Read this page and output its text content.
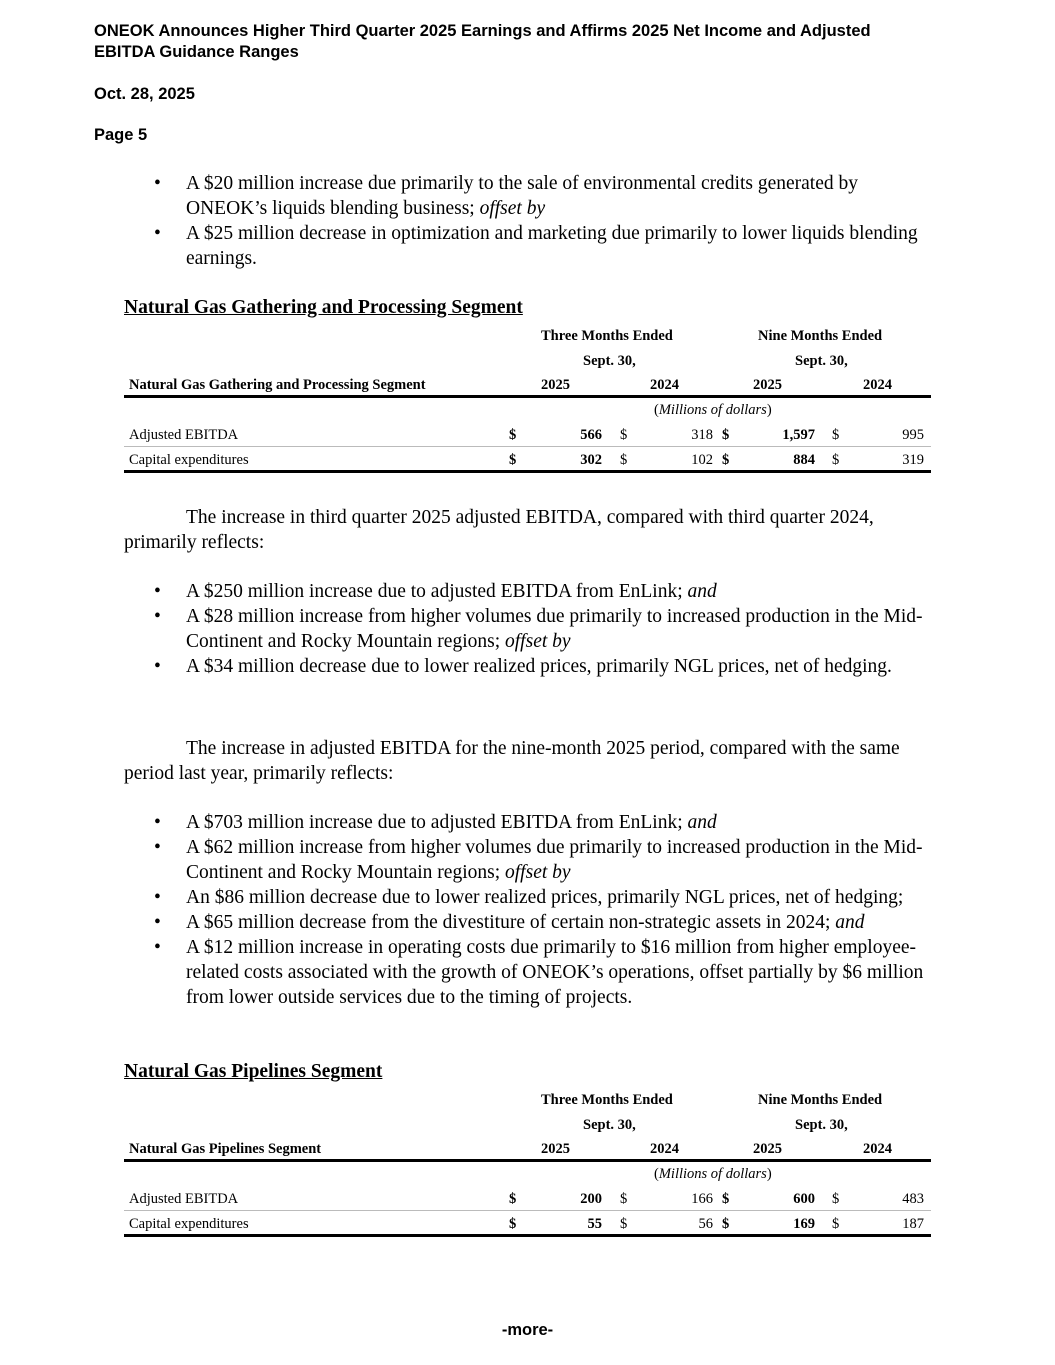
ONEOK Announces Higher Third Quarter 2025 Earnings and Affirms 2025 Net Income and Adjusted
EBITDA Guidance Ranges
Oct. 28, 2025
Page 5
• A $20 million increase due primarily to the sale of environmental credits generated by ONEOK’s liquids blending business; offset by
• A $25 million decrease in optimization and marketing due primarily to lower liquids blending earnings.
Natural Gas Gathering and Processing Segment
Three Months Ended	Nine Months Ended
Sept. 30,	Sept. 30,
Natural Gas Gathering and Processing Segment	2025	2024	2025	2024
(Millions of dollars)
Adjusted EBITDA	$	566 $	318 $	1,597 $	995
Capital expenditures	$	302 $	102 $	884 $	319
The increase in third quarter 2025 adjusted EBITDA, compared with third quarter 2024, primarily reflects:
• A $250 million increase due to adjusted EBITDA from EnLink; and
• A $28 million increase from higher volumes due primarily to increased production in the Mid-Continent and Rocky Mountain regions; offset by
• A $34 million decrease due to lower realized prices, primarily NGL prices, net of hedging.
The increase in adjusted EBITDA for the nine-month 2025 period, compared with the same period last year, primarily reflects:
• A $703 million increase due to adjusted EBITDA from EnLink; and
• A $62 million increase from higher volumes due primarily to increased production in the Mid-Continent and Rocky Mountain regions; offset by
• An $86 million decrease due to lower realized prices, primarily NGL prices, net of hedging;
• A $65 million decrease from the divestiture of certain non-strategic assets in 2024; and
• A $12 million increase in operating costs due primarily to $16 million from higher employee-related costs associated with the growth of ONEOK’s operations, offset partially by $6 million from lower outside services due to the timing of projects.
Natural Gas Pipelines Segment
Three Months Ended	Nine Months Ended
Sept. 30,	Sept. 30,
Natural Gas Pipelines Segment	2025	2024	2025	2024
(Millions of dollars)
Adjusted EBITDA	$	200 $	166 $	600 $	483
Capital expenditures	$	55 $	56 $	169 $	187
-more-
